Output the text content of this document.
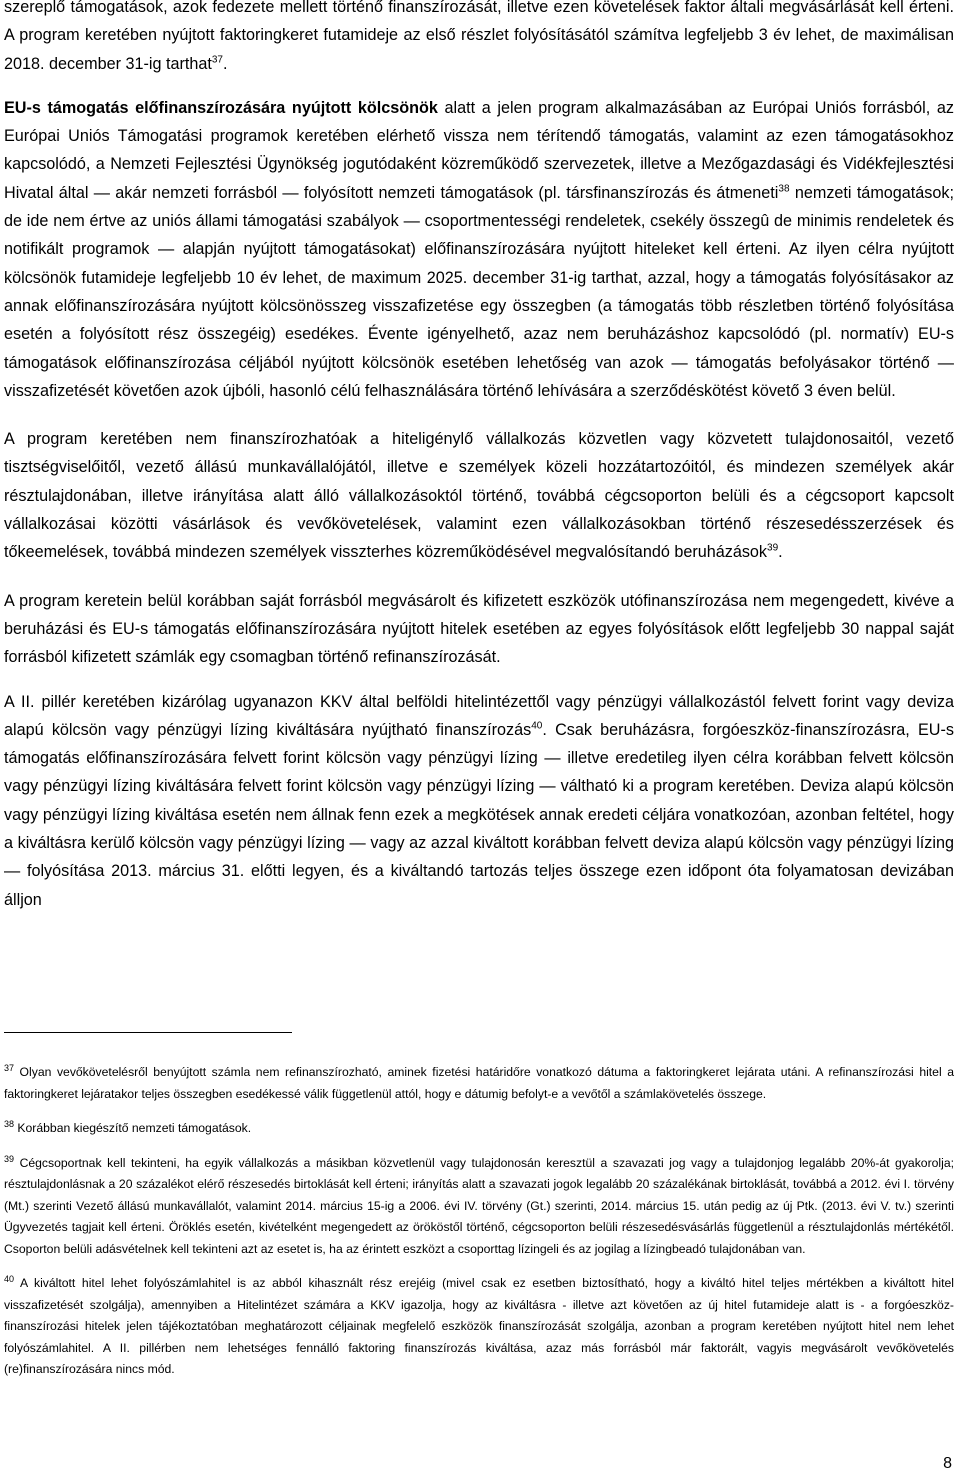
szereplő támogatások, azok fedezete mellett történő finanszírozását, illetve ezen követelések faktor általi megvásárlását kell érteni. A program keretében nyújtott faktoringkeret futamideje az első részlet folyósításától számítva legfeljebb 3 év lehet, de maximálisan 2018. december 31-ig tarthat$^{37}$.

EU-s támogatás előfinanszírozására nyújtott kölcsönök alatt a jelen program alkalmazásában az Európai Uniós forrásból, az Európai Uniós Támogatási programok keretében elérhető vissza nem térítendő támogatás, valamint az ezen támogatásokhoz kapcsolódó, a Nemzeti Fejlesztési Ügynökség jogutódaként közreműködő szervezetek, illetve a Mezőgazdasági és Vidékfejlesztési Hivatal által — akár nemzeti forrásból — folyósított nemzeti támogatások (pl. társfinanszírozás és átmeneti$^{38}$ nemzeti támogatások; de ide nem értve az uniós állami támogatási szabályok — csoportmentességi rendeletek, csekély összegû de minimis rendeletek és notifikált programok — alapján nyújtott támogatásokat) előfinanszírozására nyújtott hiteleket kell érteni. Az ilyen célra nyújtott kölcsönök futamideje legfeljebb 10 év lehet, de maximum 2025. december 31-ig tarthat, azzal, hogy a támogatás folyósításakor az annak előfinanszírozására nyújtott kölcsönösszeg visszafizetése egy összegben (a támogatás több részletben történő folyósítása esetén a folyósított rész összegéig) esedékes. Évente igényelhető, azaz nem beruházáshoz kapcsolódó (pl. normatív) EU-s támogatások előfinanszírozása céljából nyújtott kölcsönök esetében lehetőség van azok — támogatás befolyásakor történő — visszafizetését követően azok újbóli, hasonló célú felhasználására történő lehívására a szerződéskötést követő 3 éven belül.

A program keretében nem finanszírozhatóak a hiteligénylő vállalkozás közvetlen vagy közvetett tulajdonosaitól, vezető tisztségviselőitől, vezető állású munkavállalójától, illetve e személyek közeli hozzátartozóitól, és mindezen személyek akár résztulajdonában, illetve irányítása alatt álló vállalkozásoktól történő, továbbá cégcsoporton belüli és a cégcsoport kapcsolt vállalkozásai közötti vásárlások és vevőkövetelések, valamint ezen vállalkozásokban történő részesedésszerzések és tőkeemelések, továbbá mindezen személyek visszterhes közreműködésével megvalósítandó beruházások$^{39}$.

A program keretein belül korábban saját forrásból megvásárolt és kifizetett eszközök utófinanszírozása nem megengedett, kivéve a beruházási és EU-s támogatás előfinanszírozására nyújtott hitelek esetében az egyes folyósítások előtt legfeljebb 30 nappal saját forrásból kifizetett számlák egy csomagban történő refinanszírozását.

A II. pillér keretében kizárólag ugyanazon KKV által belföldi hitelintézettől vagy pénzügyi vállalkozástól felvett forint vagy deviza alapú kölcsön vagy pénzügyi lízing kiváltására nyújtható finanszírozás$^{40}$. Csak beruházásra, forgóeszköz-finanszírozásra, EU-s támogatás előfinanszírozására felvett forint kölcsön vagy pénzügyi lízing — illetve eredetileg ilyen célra korábban felvett kölcsön vagy pénzügyi lízing kiváltására felvett forint kölcsön vagy pénzügyi lízing — váltható ki a program keretében. Deviza alapú kölcsön vagy pénzügyi lízing kiváltása esetén nem állnak fenn ezek a megkötések annak eredeti céljára vonatkozóan, azonban feltétel, hogy a kiváltásra kerülő kölcsön vagy pénzügyi lízing — vagy az azzal kiváltott korábban felvett deviza alapú kölcsön vagy pénzügyi lízing — folyósítása 2013. március 31. előtti legyen, és a kiváltandó tartozás teljes összege ezen időpont óta folyamatosan devizában álljon

$^{37}$ Olyan vevőkövetelésről benyújtott számla nem refinanszírozható, aminek fizetési határidőre vonatkozó dátuma a faktoringkeret lejárata utáni. A refinanszírozási hitel a faktoringkeret lejáratakor teljes összegben esedékessé válik függetlenül attól, hogy e dátumig befolyt-e a vevőtől a számlakövetelés összege.

$^{38}$ Korábban kiegészítő nemzeti támogatások.

$^{39}$ Cégcsoportnak kell tekinteni, ha egyik vállalkozás a másikban közvetlenül vagy tulajdonosán keresztül a szavazati jog vagy a tulajdonjog legalább 20%-át gyakorolja; résztulajdonlásnak a 20 százalékot elérő részesedés birtoklását kell érteni; irányítás alatt a szavazati jogok legalább 20 százalékának birtoklását, továbbá a 2012. évi I. törvény (Mt.) szerinti Vezető állású munkavállalót, valamint 2014. március 15-ig a 2006. évi IV. törvény (Gt.) szerinti, 2014. március 15. után pedig az új Ptk. (2013. évi V. tv.) szerinti Ügyvezetés tagjait kell érteni. Öröklés esetén, kivételként megengedett az örököstől történő, cégcsoporton belüli részesedésvásárlás függetlenül a résztulajdonlás mértékétől. Csoporton belüli adásvételnek kell tekinteni azt az esetet is, ha az érintett eszközt a csoporttag lízingeli és az jogilag a lízingbeadó tulajdonában van.

$^{40}$ A kiváltott hitel lehet folyószámlahitel is az abból kihasznált rész erejéig (mivel csak ez esetben biztosítható, hogy a kiváltó hitel teljes mértékben a kiváltott hitel visszafizetését szolgálja), amennyiben a Hitelintézet számára a KKV igazolja, hogy az kiváltásra - illetve azt követően az új hitel futamideje alatt is - a forgóeszköz-finanszírozási hitelek jelen tájékoztatóban meghatározott céljainak megfelelő eszközök finanszírozását szolgálja, azonban a program keretében nyújtott hitel nem lehet folyószámlahitel. A II. pillérben nem lehetséges fennálló faktoring finanszírozás kiváltása, azaz más forrásból már faktorált, vagyis megvásárolt vevőkövetelés (re)finanszírozására nincs mód.

8
